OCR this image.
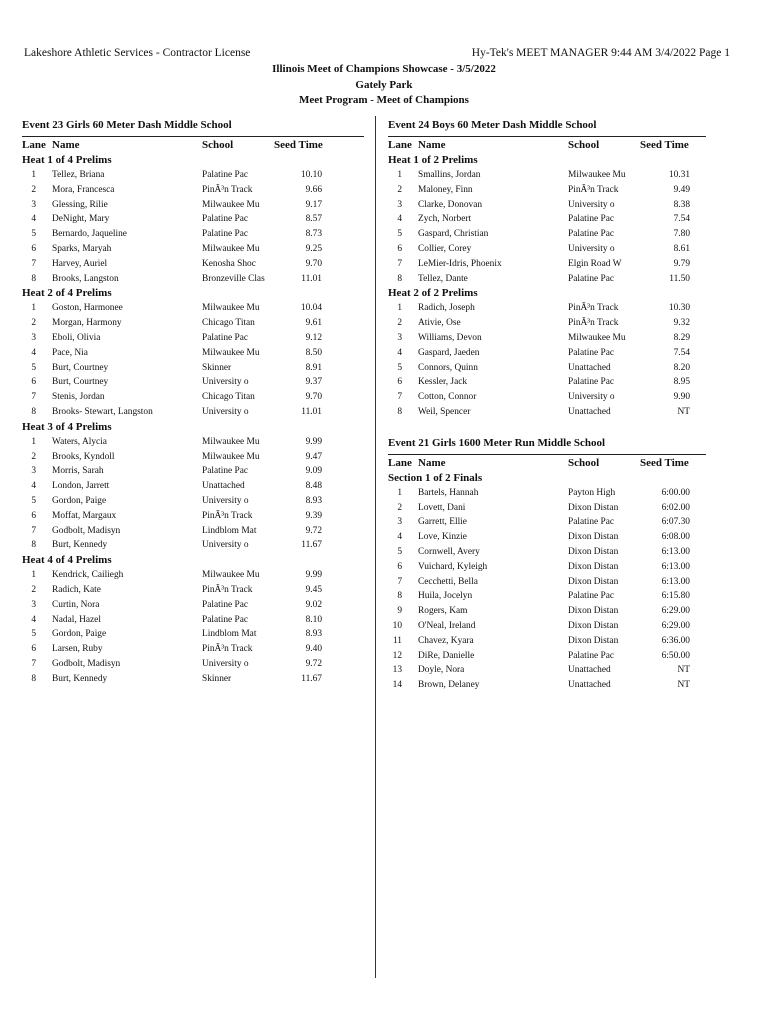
Lakeshore Athletic Services - Contractor License	Hy-Tek's MEET MANAGER 9:44 AM 3/4/2022 Page 1
Illinois Meet of Champions Showcase - 3/5/2022
Gately Park
Meet Program - Meet of Champions
Event 23 Girls 60 Meter Dash Middle School
Lane Name	School	Seed Time
Heat 1 of 4 Prelims
1 Tellez, Briana	Palatine Pac	10.10
2 Mora, Francesca	PinÃ³n Track	9.66
3 Glessing, Rilie	Milwaukee Mu	9.17
4 DeNight, Mary	Palatine Pac	8.57
5 Bernardo, Jaqueline	Palatine Pac	8.73
6 Sparks, Maryah	Milwaukee Mu	9.25
7 Harvey, Auriel	Kenosha Shoc	9.70
8 Brooks, Langston	Bronzeville Clas	11.01
Heat 2 of 4 Prelims
1 Goston, Harmonee	Milwaukee Mu	10.04
2 Morgan, Harmony	Chicago Titan	9.61
3 Eboli, Olivia	Palatine Pac	9.12
4 Pace, Nia	Milwaukee Mu	8.50
5 Burt, Courtney	Skinner	8.91
6 Burt, Courtney	University o	9.37
7 Stenis, Jordan	Chicago Titan	9.70
8 Brooks- Stewart, Langston	University o	11.01
Heat 3 of 4 Prelims
1 Waters, Alycia	Milwaukee Mu	9.99
2 Brooks, Kyndoll	Milwaukee Mu	9.47
3 Morris, Sarah	Palatine Pac	9.09
4 London, Jarrett	Unattached	8.48
5 Gordon, Paige	University o	8.93
6 Moffat, Margaux	PinÃ³n Track	9.39
7 Godbolt, Madisyn	Lindblom Mat	9.72
8 Burt, Kennedy	University o	11.67
Heat 4 of 4 Prelims
1 Kendrick, Cailiegh	Milwaukee Mu	9.99
2 Radich, Kate	PinÃ³n Track	9.45
3 Curtin, Nora	Palatine Pac	9.02
4 Nadal, Hazel	Palatine Pac	8.10
5 Gordon, Paige	Lindblom Mat	8.93
6 Larsen, Ruby	PinÃ³n Track	9.40
7 Godbolt, Madisyn	University o	9.72
8 Burt, Kennedy	Skinner	11.67
Event 24 Boys 60 Meter Dash Middle School
Lane Name	School	Seed Time
Heat 1 of 2 Prelims
1 Smallins, Jordan	Milwaukee Mu	10.31
2 Maloney, Finn	PinÃ³n Track	9.49
3 Clarke, Donovan	University o	8.38
4 Zych, Norbert	Palatine Pac	7.54
5 Gaspard, Christian	Palatine Pac	7.80
6 Collier, Corey	University o	8.61
7 LeMier-Idris, Phoenix	Elgin Road W	9.79
8 Tellez, Dante	Palatine Pac	11.50
Heat 2 of 2 Prelims
1 Radich, Joseph	PinÃ³n Track	10.30
2 Ativie, Ose	PinÃ³n Track	9.32
3 Williams, Devon	Milwaukee Mu	8.29
4 Gaspard, Jaeden	Palatine Pac	7.54
5 Connors, Quinn	Unattached	8.20
6 Kessler, Jack	Palatine Pac	8.95
7 Cotton, Connor	University o	9.90
8 Weil, Spencer	Unattached	NT
Event 21 Girls 1600 Meter Run Middle School
Lane Name	School	Seed Time
Section 1 of 2 Finals
1 Bartels, Hannah	Payton High	6:00.00
2 Lovett, Dani	Dixon Distan	6:02.00
3 Garrett, Ellie	Palatine Pac	6:07.30
4 Love, Kinzie	Dixon Distan	6:08.00
5 Cornwell, Avery	Dixon Distan	6:13.00
6 Vuichard, Kyleigh	Dixon Distan	6:13.00
7 Cecchetti, Bella	Dixon Distan	6:13.00
8 Huila, Jocelyn	Palatine Pac	6:15.80
9 Rogers, Kam	Dixon Distan	6:29.00
10 O'Neal, Ireland	Dixon Distan	6:29.00
11 Chavez, Kyara	Dixon Distan	6:36.00
12 DiRe, Danielle	Palatine Pac	6:50.00
13 Doyle, Nora	Unattached	NT
14 Brown, Delaney	Unattached	NT
